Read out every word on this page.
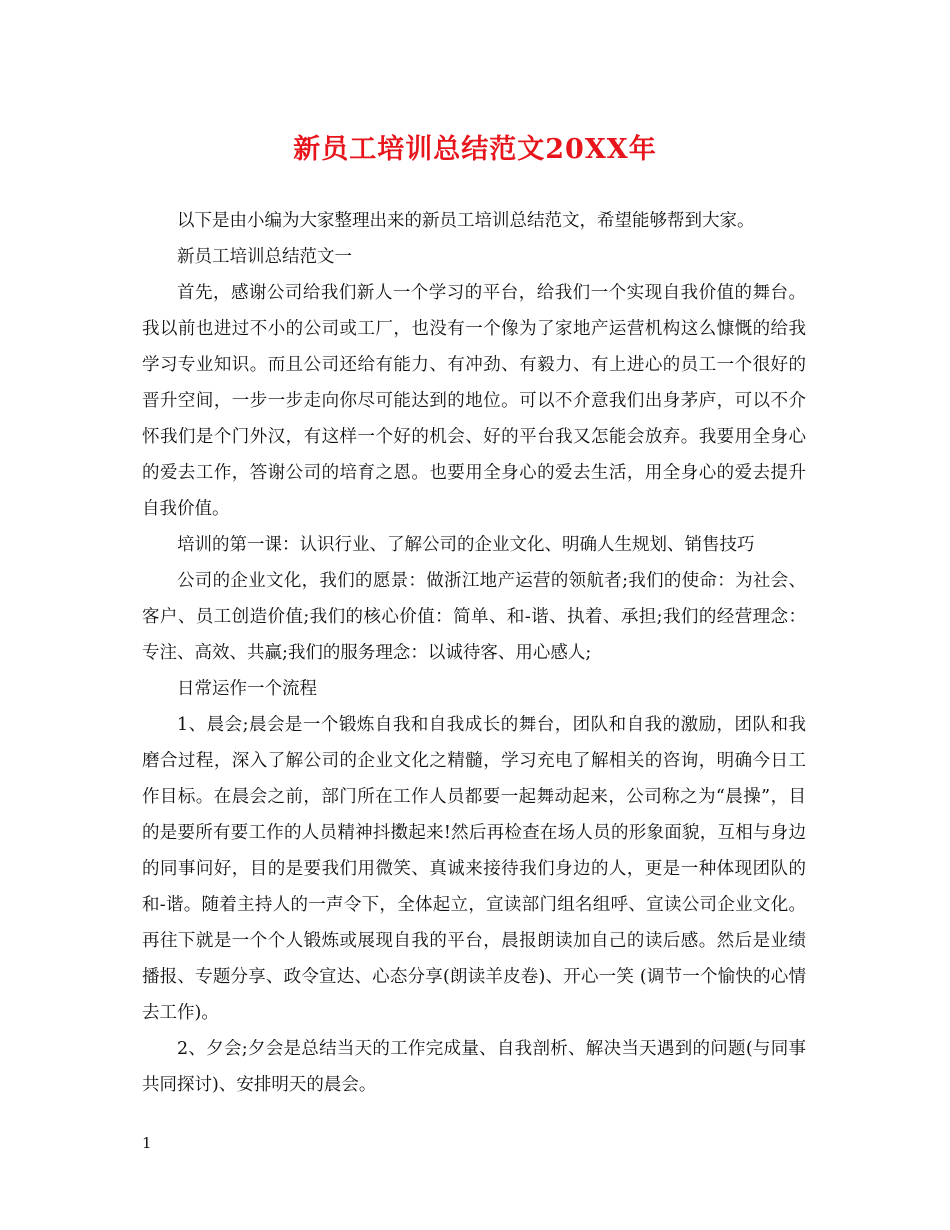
新员工培训总结范文20XX年

以下是由小编为大家整理出来的新员工培训总结范文，希望能够帮到大家。

新员工培训总结范文一

首先，感谢公司给我们新人一个学习的平台，给我们一个实现自我价值的舞台。我以前也进过不小的公司或工厂，也没有一个像为了家地产运营机构这么慷慨的给我学习专业知识。而且公司还给有能力、有冲劲、有毅力、有上进心的员工一个很好的晋升空间，一步一步走向你尽可能达到的地位。可以不介意我们出身茅庐，可以不介怀我们是个门外汉，有这样一个好的机会、好的平台我又怎能会放弃。我要用全身心的爱去工作，答谢公司的培育之恩。也要用全身心的爱去生活，用全身心的爱去提升自我价值。

培训的第一课：认识行业、了解公司的企业文化、明确人生规划、销售技巧

公司的企业文化，我们的愿景：做浙江地产运营的领航者;我们的使命：为社会、客户、员工创造价值;我们的核心价值：简单、和-谐、执着、承担;我们的经营理念：专注、高效、共赢;我们的服务理念：以诚待客、用心感人;

日常运作一个流程

1、晨会;晨会是一个锻炼自我和自我成长的舞台，团队和自我的激励，团队和我磨合过程，深入了解公司的企业文化之精髓，学习充电了解相关的咨询，明确今日工作目标。在晨会之前，部门所在工作人员都要一起舞动起来，公司称之为“晨操”，目的是要所有要工作的人员精神抖擞起来!然后再检查在场人员的形象面貌，互相与身边的同事问好，目的是要我们用微笑、真诚来接待我们身边的人，更是一种体现团队的和-谐。随着主持人的一声令下，全体起立，宣读部门组名组呼、宣读公司企业文化。再往下就是一个个人锻炼或展现自我的平台，晨报朗读加自己的读后感。然后是业绩播报、专题分享、政令宣达、心态分享(朗读羊皮卷)、开心一笑 (调节一个愉快的心情去工作)。

2、夕会;夕会是总结当天的工作完成量、自我剖析、解决当天遇到的问题(与同事共同探讨)、安排明天的晨会。

1
